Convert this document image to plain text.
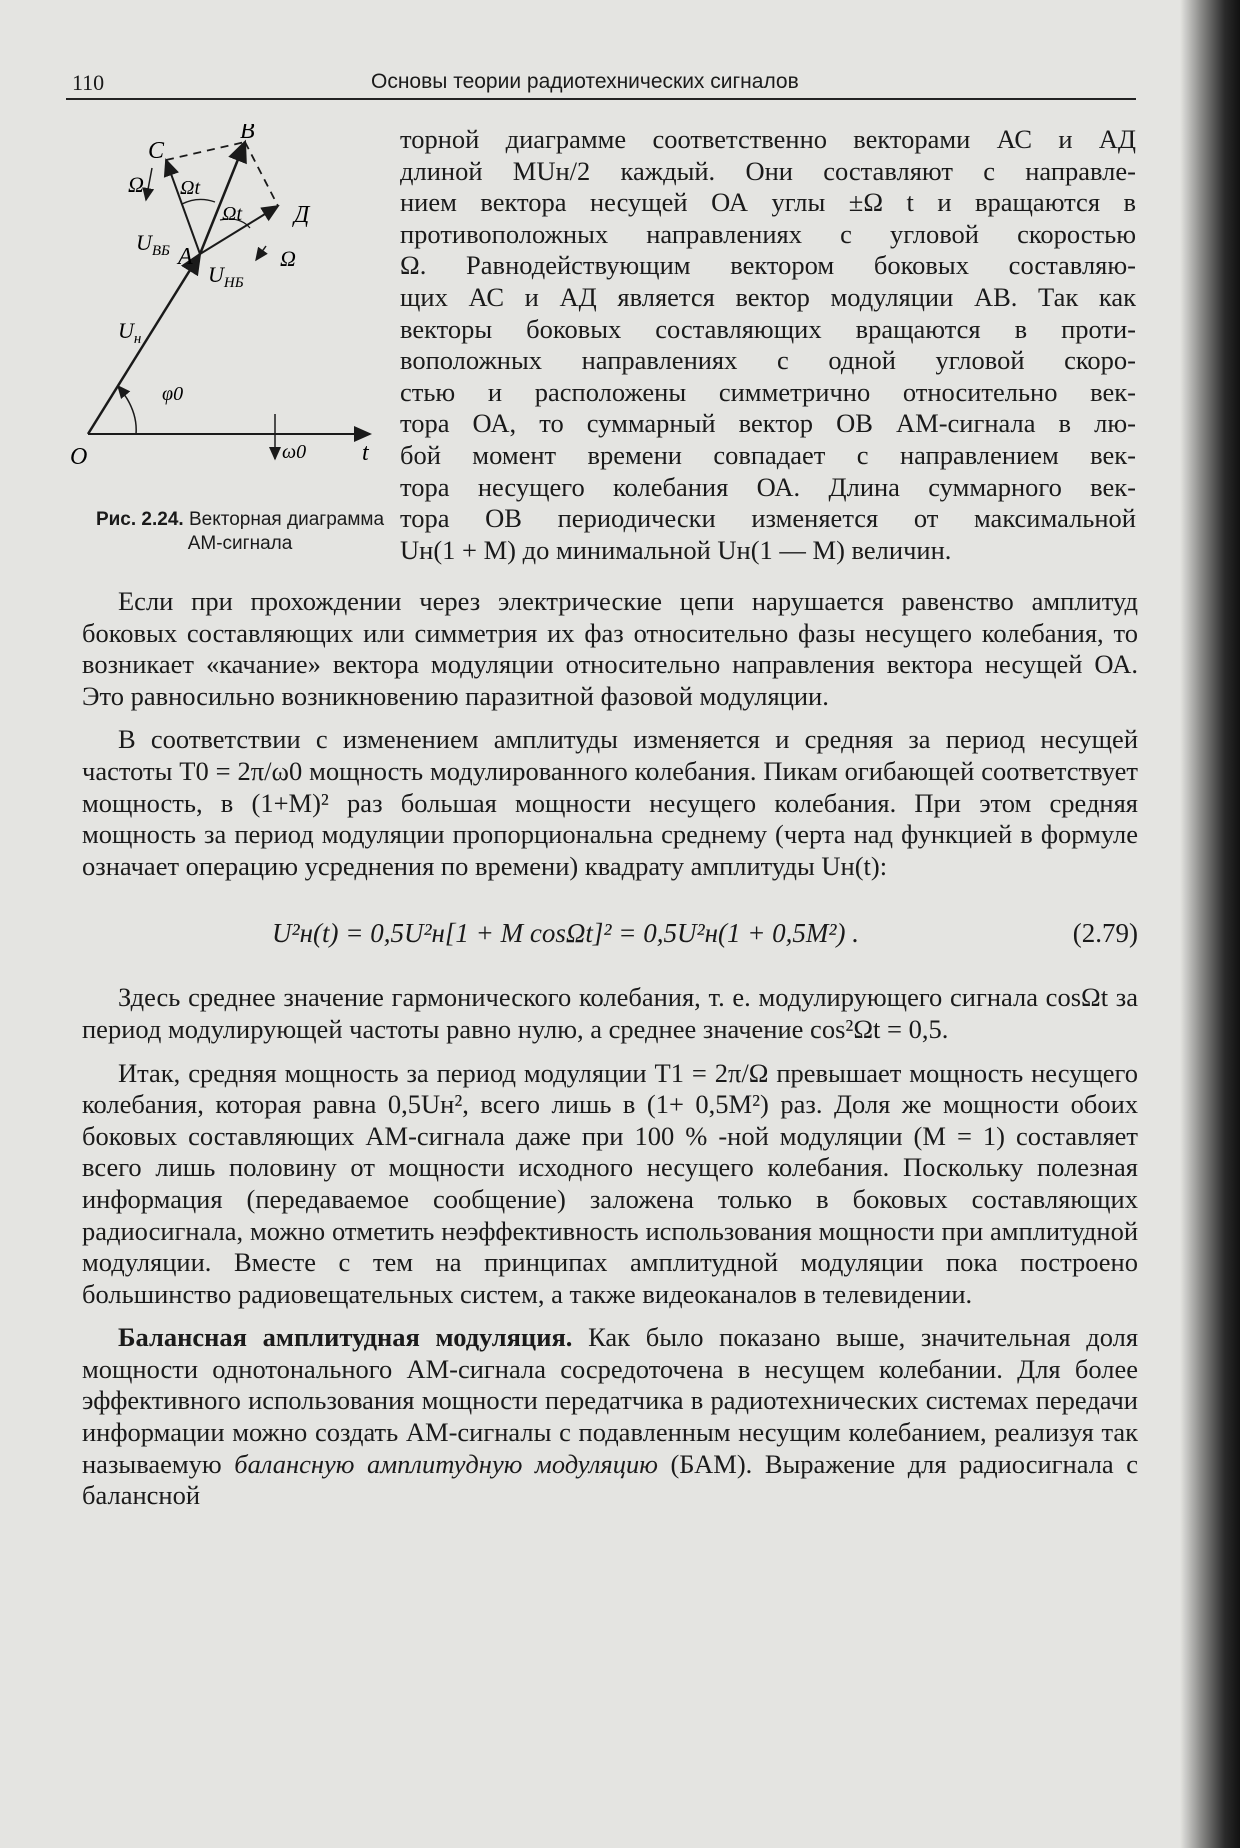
110	Основы теории радиотехнических сигналов
B
C
Д
A
O	t
Ω
Ω
Ωt
Ωt
$U_{ВБ}$
$U_{НБ}$
$U_н$
φ0
ω0
Рис. 2.24. Векторная диаграмма АМ-сигнала
торной диаграмме соответственно векторами АС и АД
длиной MUн/2 каждый. Они составляют с направле-
нием вектора несущей ОА углы ±Ω t и вращаются в
противоположных направлениях с угловой скоростью
Ω. Равнодействующим вектором боковых составляю-
щих АС и АД является вектор модуляции АВ. Так как
векторы боковых составляющих вращаются в проти-
воположных направлениях с одной угловой скоро-
стью и расположены симметрично относительно век-
тора ОА, то суммарный вектор ОВ АМ-сигнала в лю-
бой момент времени совпадает с направлением век-
тора несущего колебания ОА. Длина суммарного век-
тора ОВ периодически изменяется от максимальной
Uн(1 + M) до минимальной Uн(1 — M) величин.

Если при прохождении через электрические цепи нарушается равенство амплитуд боковых составляющих или симметрия их фаз относительно фазы несущего колебания, то возникает «качание» вектора модуляции относительно направления вектора несущей ОА. Это равносильно возникновению паразитной фазовой модуляции.

В соответствии с изменением амплитуды изменяется и средняя за период несущей частоты T0 = 2π/ω0 мощность модулированного колебания. Пикам огибающей соответствует мощность, в (1+M)² раз большая мощности несущего колебания. При этом средняя мощность за период модуляции пропорциональна среднему (черта над функцией в формуле означает операцию усреднения по времени) квадрату амплитуды Uн(t):

U²н(t) = 0,5U²н[1 + M cosΩt]² = 0,5U²н(1 + 0,5M²) .	(2.79)

Здесь среднее значение гармонического колебания, т. е. модулирующего сигнала cosΩt за период модулирующей частоты равно нулю, а среднее значение cos²Ωt = 0,5.

Итак, средняя мощность за период модуляции T1 = 2π/Ω превышает мощность несущего колебания, которая равна 0,5Uн², всего лишь в (1+ 0,5M²) раз. Доля же мощности обоих боковых составляющих АМ-сигнала даже при 100 % -ной модуляции (M = 1) составляет всего лишь половину от мощности исходного несущего колебания. Поскольку полезная информация (передаваемое сообщение) заложена только в боковых составляющих радиосигнала, можно отметить неэффективность использования мощности при амплитудной модуляции. Вместе с тем на принципах амплитудной модуляции пока построено большинство радиовещательных систем, а также видеоканалов в телевидении.

Балансная амплитудная модуляция. Как было показано выше, значительная доля мощности однотонального АМ-сигнала сосредоточена в несущем колебании. Для более эффективного использования мощности передатчика в радиотехнических системах передачи информации можно создать АМ-сигналы с подавленным несущим колебанием, реализуя так называемую балансную амплитудную модуляцию (БАМ). Выражение для радиосигнала с балансной
